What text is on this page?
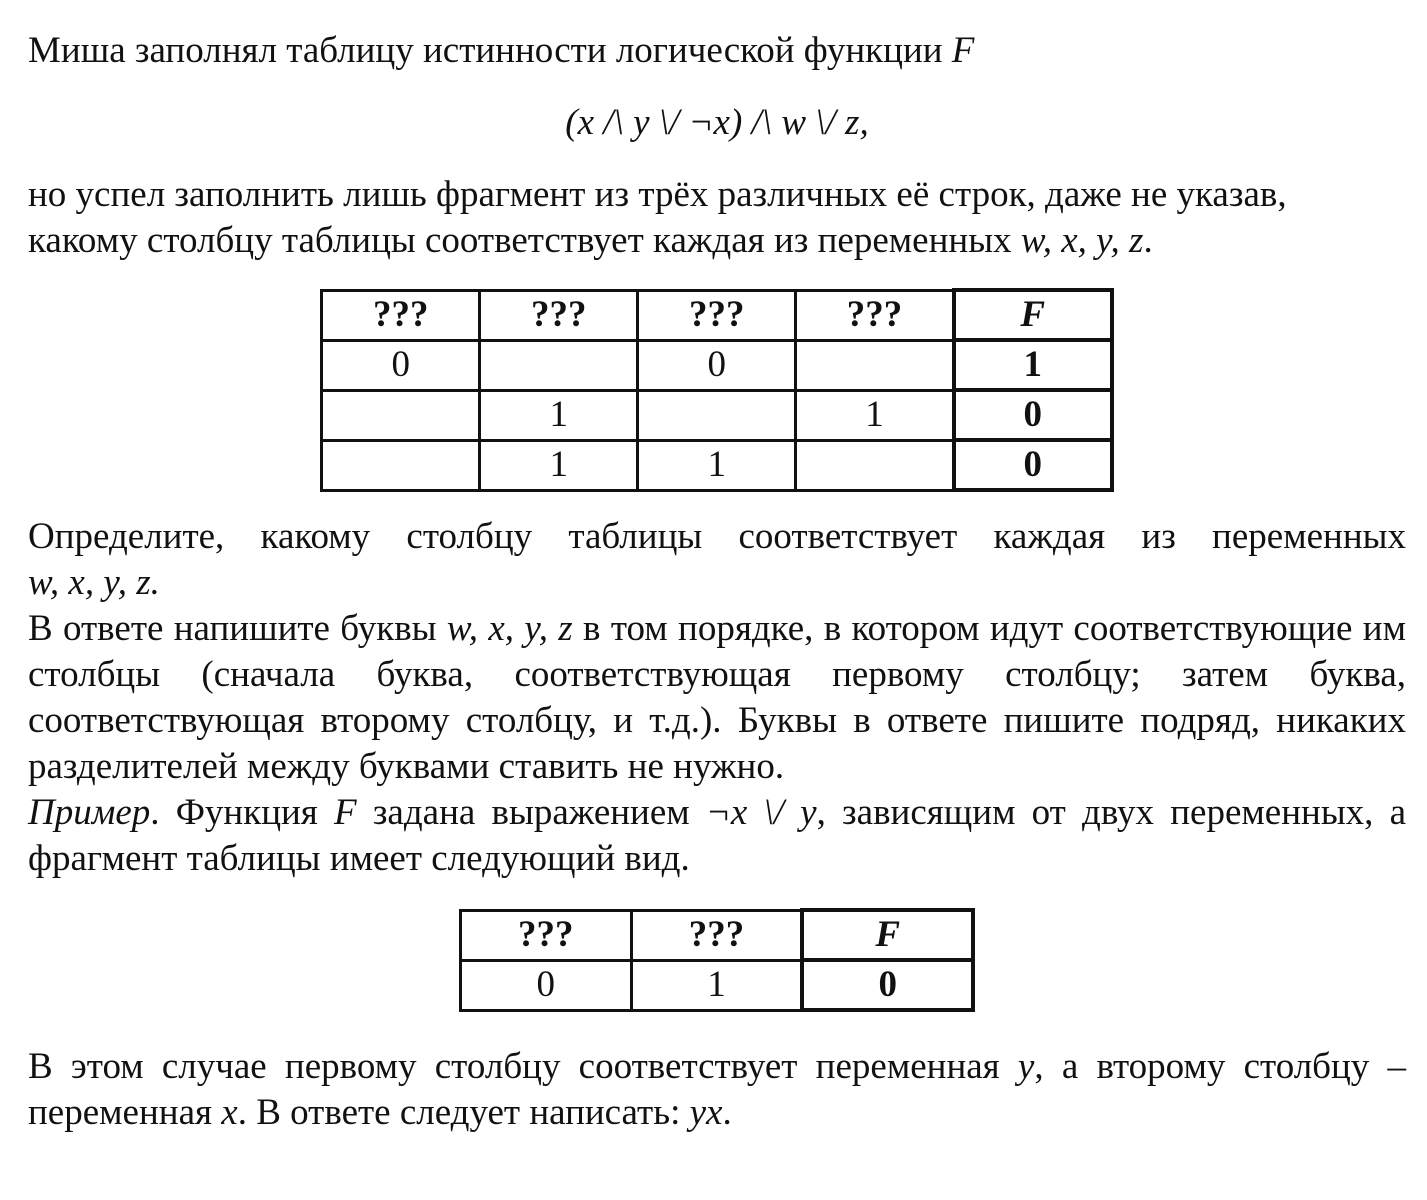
Миша заполнял таблицу истинности логической функции F

(x /\ y \/ ¬x) /\ w \/ z,

но успел заполнить лишь фрагмент из трёх различных её строк, даже не указав,

какому столбцу таблицы соответствует каждая из переменных w, x, y, z.

???	???	???	???	F
0		0		1
	1		1	0
	1	1		0

Определите, какому столбцу таблицы соответствует каждая из переменных

w, x, y, z.

В ответе напишите буквы w, x, y, z в том порядке, в котором идут соответствующие им столбцы (сначала буква, соответствующая первому столбцу; затем буква, соответствующая второму столбцу, и т.д.). Буквы в ответе пишите подряд, никаких разделителей между буквами ставить не нужно.

Пример. Функция F задана выражением ¬x \/ y, зависящим от двух переменных, а фрагмент таблицы имеет следующий вид.

???	???	F
0	1	0

В этом случае первому столбцу соответствует переменная y, а второму столбцу – переменная x. В ответе следует написать: yx.
